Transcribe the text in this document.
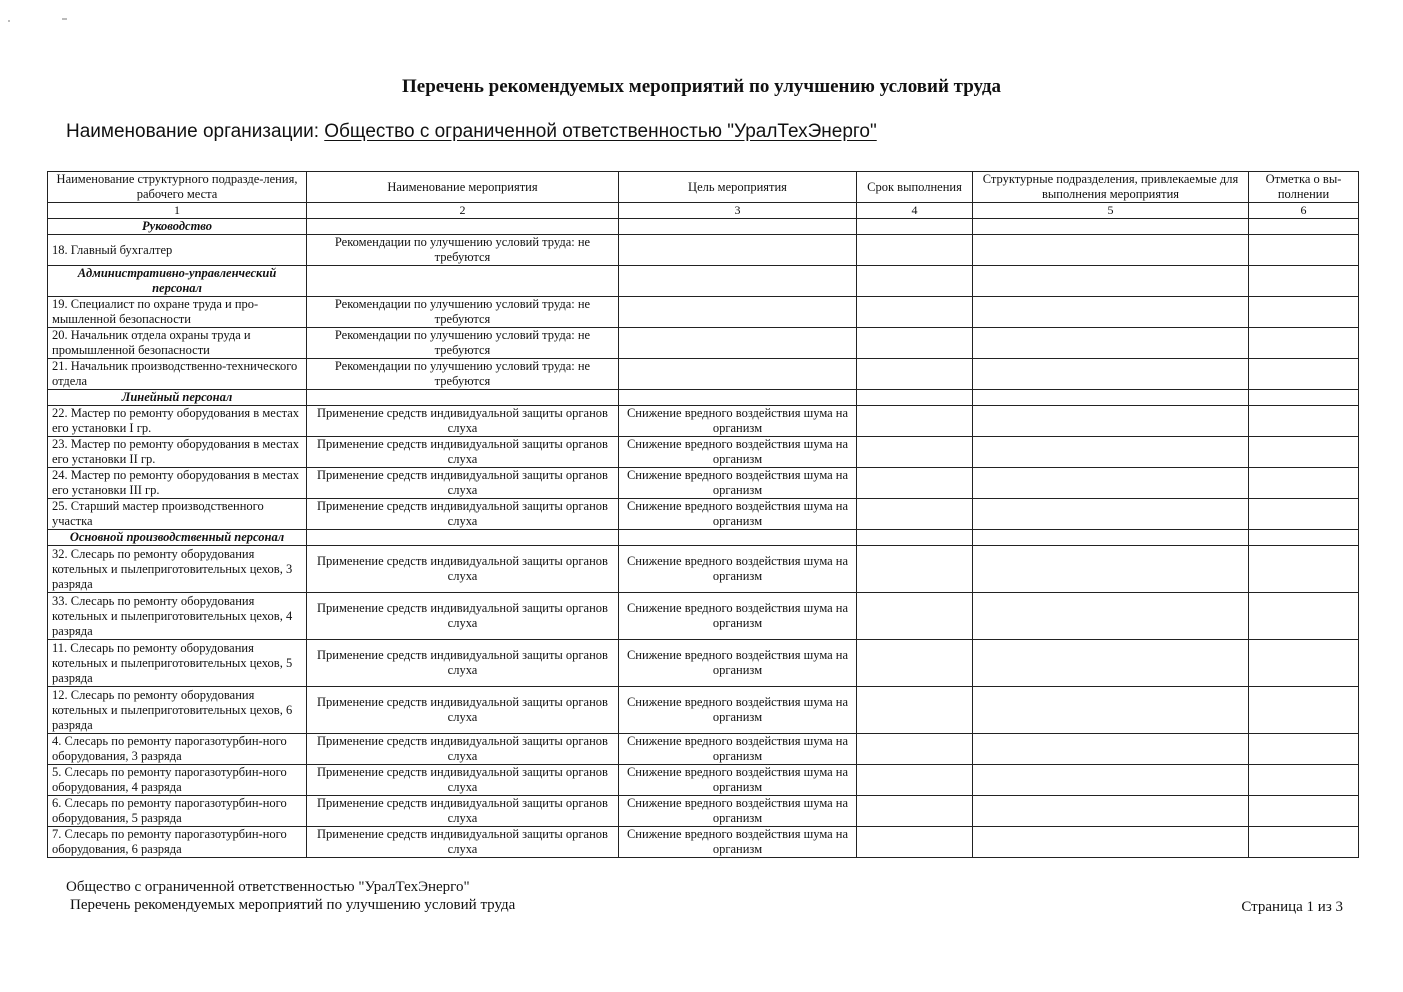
Перечень рекомендуемых мероприятий по улучшению условий труда
Наименование организации: Общество с ограниченной ответственностью "УралТехЭнерго"
Наименование структурного подразде-ления, рабочего места	Наименование мероприятия	Цель мероприятия	Срок выполнения	Структурные подразделения, привлекаемые для выполнения мероприятия	Отметка о вы-полнении
1	2	3	4	5	6
Руководство					
18. Главный бухгалтер	Рекомендации по улучшению условий труда: не требуются				
Административно-управленческий персонал					
19. Специалист по охране труда и про-мышленной безопасности	Рекомендации по улучшению условий труда: не требуются				
20. Начальник отдела охраны труда и промышленной безопасности	Рекомендации по улучшению условий труда: не требуются				
21. Начальник производственно-технического отдела	Рекомендации по улучшению условий труда: не требуются				
Линейный персонал					
22. Мастер по ремонту оборудования в местах его установки I гр.	Применение средств индивидуальной защиты органов слуха	Снижение вредного воздействия шума на организм			
23. Мастер по ремонту оборудования в местах его установки II гр.	Применение средств индивидуальной защиты органов слуха	Снижение вредного воздействия шума на организм			
24. Мастер по ремонту оборудования в местах его установки III гр.	Применение средств индивидуальной защиты органов слуха	Снижение вредного воздействия шума на организм			
25. Старший мастер производственного участка	Применение средств индивидуальной защиты органов слуха	Снижение вредного воздействия шума на организм			
Основной производственный персонал					
32. Слесарь по ремонту оборудования котельных и пылеприготовительных цехов, 3 разряда	Применение средств индивидуальной защиты органов слуха	Снижение вредного воздействия шума на организм			
33. Слесарь по ремонту оборудования котельных и пылеприготовительных цехов, 4 разряда	Применение средств индивидуальной защиты органов слуха	Снижение вредного воздействия шума на организм			
11. Слесарь по ремонту оборудования котельных и пылеприготовительных цехов, 5 разряда	Применение средств индивидуальной защиты органов слуха	Снижение вредного воздействия шума на организм			
12. Слесарь по ремонту оборудования котельных и пылеприготовительных цехов, 6 разряда	Применение средств индивидуальной защиты органов слуха	Снижение вредного воздействия шума на организм			
4. Слесарь по ремонту парогазотурбин-ного оборудования, 3 разряда	Применение средств индивидуальной защиты органов слуха	Снижение вредного воздействия шума на организм			
5. Слесарь по ремонту парогазотурбин-ного оборудования, 4 разряда	Применение средств индивидуальной защиты органов слуха	Снижение вредного воздействия шума на организм			
6. Слесарь по ремонту парогазотурбин-ного оборудования, 5 разряда	Применение средств индивидуальной защиты органов слуха	Снижение вредного воздействия шума на организм			
7. Слесарь по ремонту парогазотурбин-ного оборудования, 6 разряда	Применение средств индивидуальной защиты органов слуха	Снижение вредного воздействия шума на организм			
Общество с ограниченной ответственностью "УралТехЭнерго"
Перечень рекомендуемых мероприятий по улучшению условий труда	Страница 1 из 3
